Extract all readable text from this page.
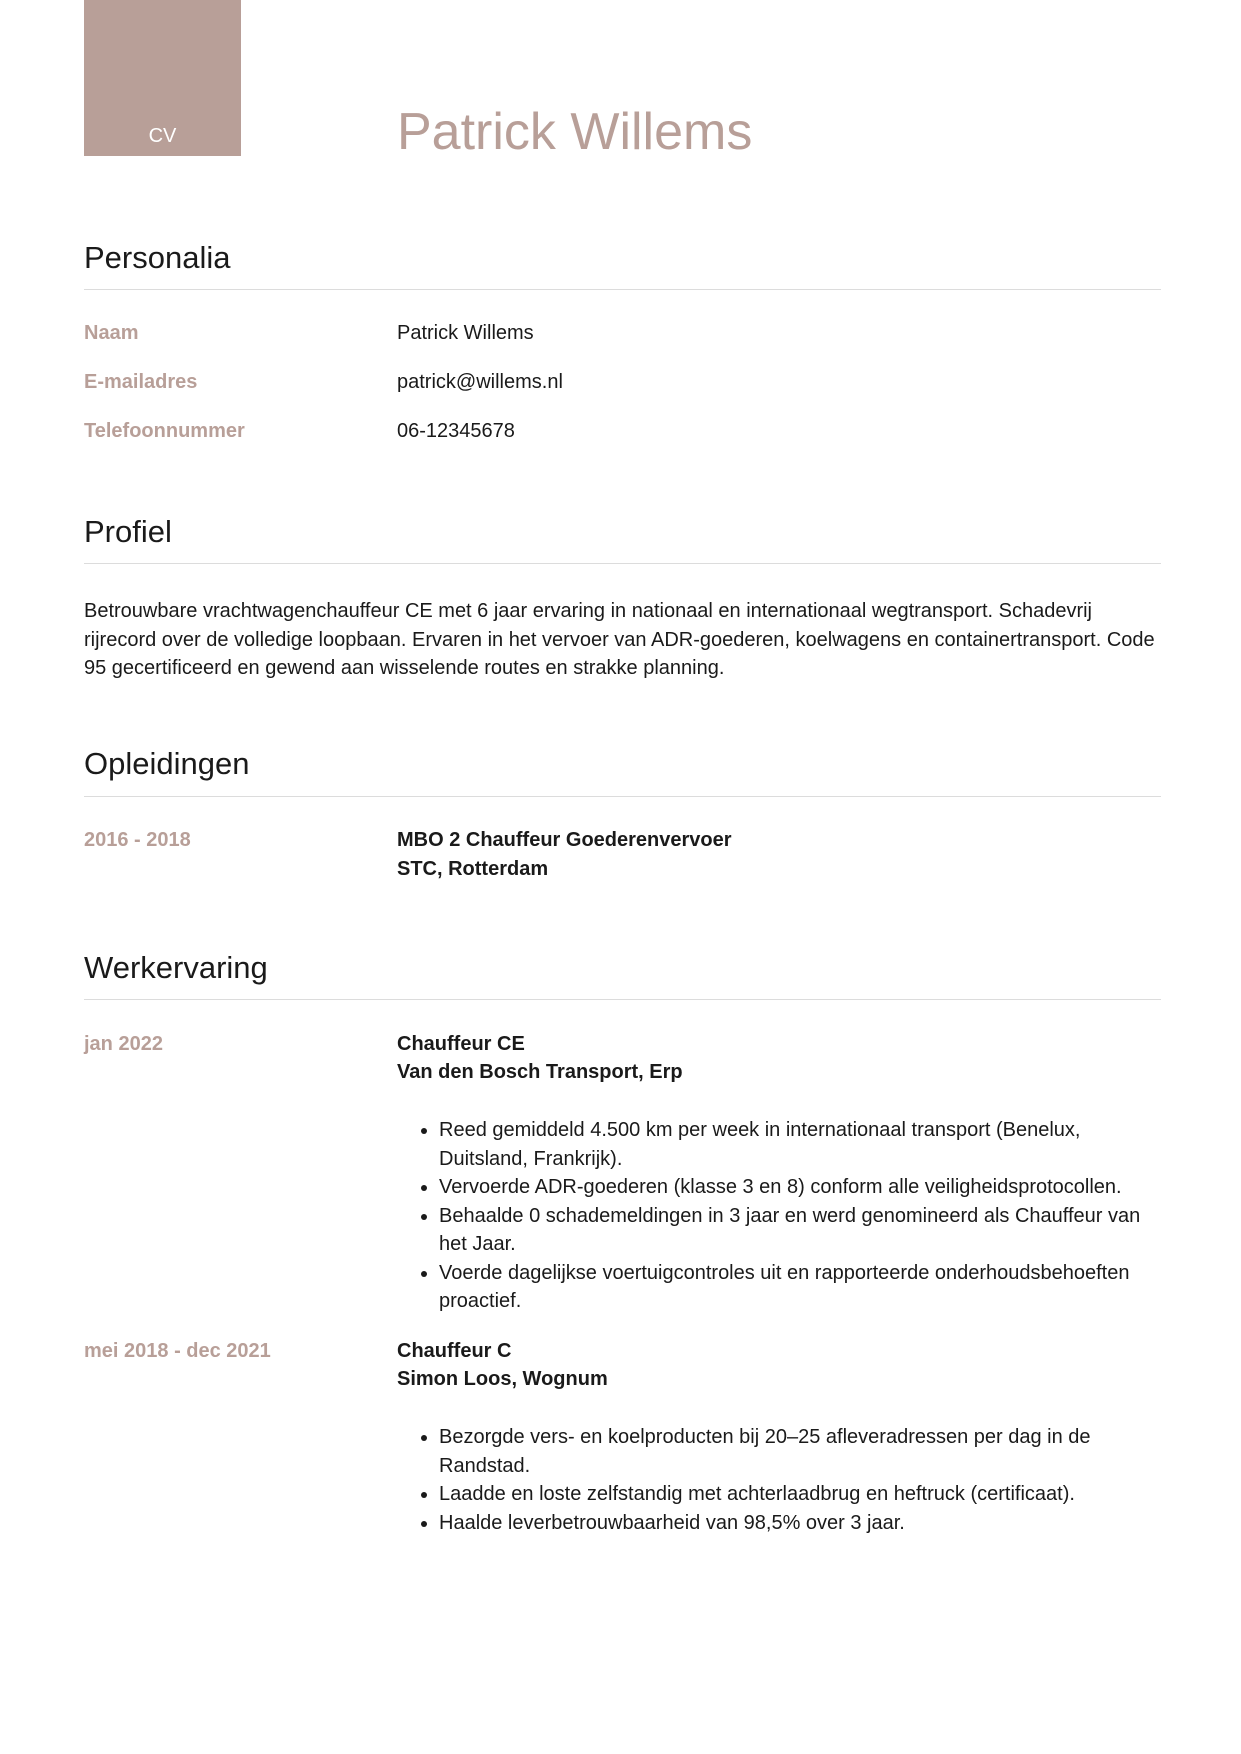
CV	Patrick Willems
Personalia
Naam	Patrick Willems
E-mailadres	patrick@willems.nl
Telefoonnummer	06-12345678
Profiel

Betrouwbare vrachtwagenchauffeur CE met 6 jaar ervaring in nationaal en internationaal wegtransport. Schadevrij rijrecord over de volledige loopbaan. Ervaren in het vervoer van ADR-goederen, koelwagens en containertransport. Code 95 gecertificeerd en gewend aan wisselende routes en strakke planning.

Opleidingen
2016 - 2018	MBO 2 Chauffeur Goederenvervoer
STC, Rotterdam
Werkervaring
jan 2022	Chauffeur CE
Van den Bosch Transport, Erp
• Reed gemiddeld 4.500 km per week in internationaal transport (Benelux, Duitsland, Frankrijk).
• Vervoerde ADR-goederen (klasse 3 en 8) conform alle veiligheidsprotocollen.
• Behaalde 0 schademeldingen in 3 jaar en werd genomineerd als Chauffeur van het Jaar.
• Voerde dagelijkse voertuigcontroles uit en rapporteerde onderhoudsbehoeften proactief.
mei 2018 - dec 2021	Chauffeur C
Simon Loos, Wognum
• Bezorgde vers- en koelproducten bij 20–25 afleveradressen per dag in de Randstad.
• Laadde en loste zelfstandig met achterlaadbrug en heftruck (certificaat).
• Haalde leverbetrouwbaarheid van 98,5% over 3 jaar.
